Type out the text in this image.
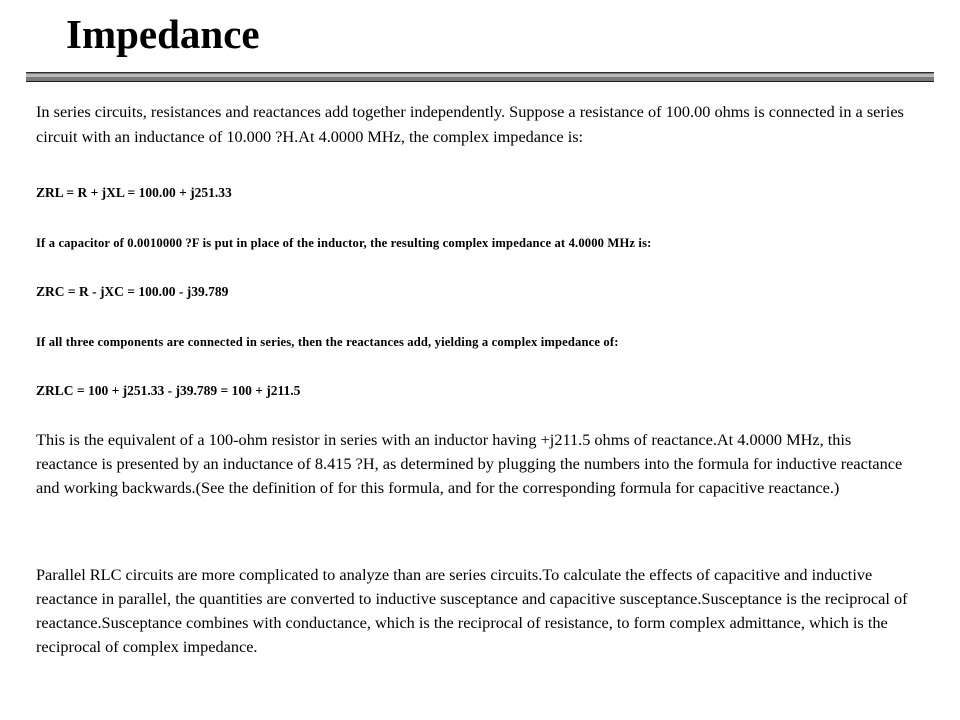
Impedance

In series circuits, resistances and reactances add together independently. Suppose a resistance of 100.00 ohms is connected in a series circuit with an inductance of 10.000 ?H.At 4.0000 MHz, the complex impedance is:

ZRL = R + jXL = 100.00 + j251.33

If a capacitor of 0.0010000 ?F is put in place of the inductor, the resulting complex impedance at 4.0000 MHz is:

ZRC = R - jXC = 100.00 - j39.789

If all three components are connected in series, then the reactances add, yielding a complex impedance of:

ZRLC = 100 + j251.33 - j39.789 = 100 + j211.5

This is the equivalent of a 100-ohm resistor in series with an inductor having +j211.5 ohms of reactance.At 4.0000 MHz, this reactance is presented by an inductance of 8.415 ?H, as determined by plugging the numbers into the formula for inductive reactance and working backwards.(See the definition of for this formula, and for the corresponding formula for capacitive reactance.)

Parallel RLC circuits are more complicated to analyze than are series circuits.To calculate the effects of capacitive and inductive reactance in parallel, the quantities are converted to inductive susceptance and capacitive susceptance.Susceptance is the reciprocal of reactance.Susceptance combines with conductance, which is the reciprocal of resistance, to form complex admittance, which is the reciprocal of complex impedance.
